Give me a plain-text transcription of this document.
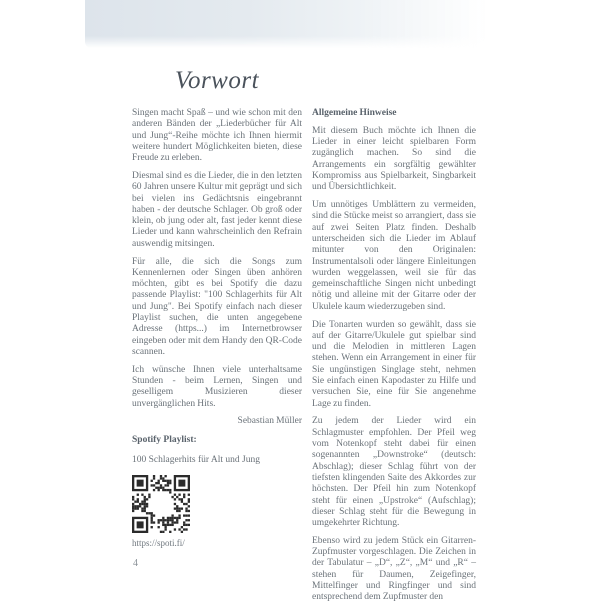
Vorwort

Singen macht Spaß – und wie schon mit den anderen Bänden der „Liederbücher für Alt und Jung“-Reihe möchte ich Ihnen hiermit weitere hundert Möglichkeiten bieten, diese Freude zu erleben.

Diesmal sind es die Lieder, die in den letzten 60 Jahren unsere Kultur mit geprägt und sich bei vielen ins Gedächtsnis eingebrannt haben - der deutsche Schlager. Ob groß oder klein, ob jung oder alt, fast jeder kennt diese Lieder und kann wahrscheinlich den Refrain auswendig mitsingen.

Für alle, die sich die Songs zum Kennenlernen oder Singen üben anhören möchten, gibt es bei Spotify die dazu passende Playlist: "100 Schlagerhits für Alt und Jung". Bei Spotify einfach nach dieser Playlist suchen, die unten angegebene Adresse (https...) im Internetbrowser eingeben oder mit dem Handy den QR-Code scannen.

Ich wünsche Ihnen viele unterhaltsame Stunden - beim Lernen, Singen und geselligem Musizieren dieser unvergänglichen Hits.

Sebastian Müller

Allgemeine Hinweise

Mit diesem Buch möchte ich Ihnen die Lieder in einer leicht spielbaren Form zugänglich machen. So sind die Arrangements ein sorgfältig gewählter Kompromiss aus Spielbarkeit, Singbarkeit und Übersichtlichkeit.

Um unnötiges Umblättern zu vermeiden, sind die Stücke meist so arrangiert, dass sie auf zwei Seiten Platz finden. Deshalb unterscheiden sich die Lieder im Ablauf mitunter von den Originalen: Instrumentalsoli oder längere Einleitungen wurden weggelassen, weil sie für das gemeinschaftliche Singen nicht unbedingt nötig und alleine mit der Gitarre oder der Ukulele kaum wiederzugeben sind.

Die Tonarten wurden so gewählt, dass sie auf der Gitarre/Ukulele gut spielbar sind und die Melodien in mittleren Lagen stehen. Wenn ein Arrangement in einer für Sie ungünstigen Singlage steht, nehmen Sie einfach einen Kapodaster zu Hilfe und versuchen Sie, eine für Sie angenehme Lage zu finden.

Zu jedem der Lieder wird ein Schlagmuster empfohlen. Der Pfeil weg vom Notenkopf steht dabei für einen sogenannten „Downstroke“ (deutsch: Abschlag); dieser Schlag führt von der tiefsten klingenden Saite des Akkordes zur höchsten. Der Pfeil hin zum Notenkopf steht für einen „Upstroke“ (Aufschlag); dieser Schlag steht für die Bewegung in umgekehrter Richtung.

Ebenso wird zu jedem Stück ein Gitarren-Zupfmuster vorgeschlagen. Die Zeichen in der Tabulatur – „D“, „Z“, „M“ und „R“ – stehen für Daumen, Zeigefinger, Mittelfinger und Ringfinger und sind entsprechend dem Zupfmuster den

Spotify Playlist:

100 Schlagerhits für Alt und Jung

https://spoti.fi/
4
